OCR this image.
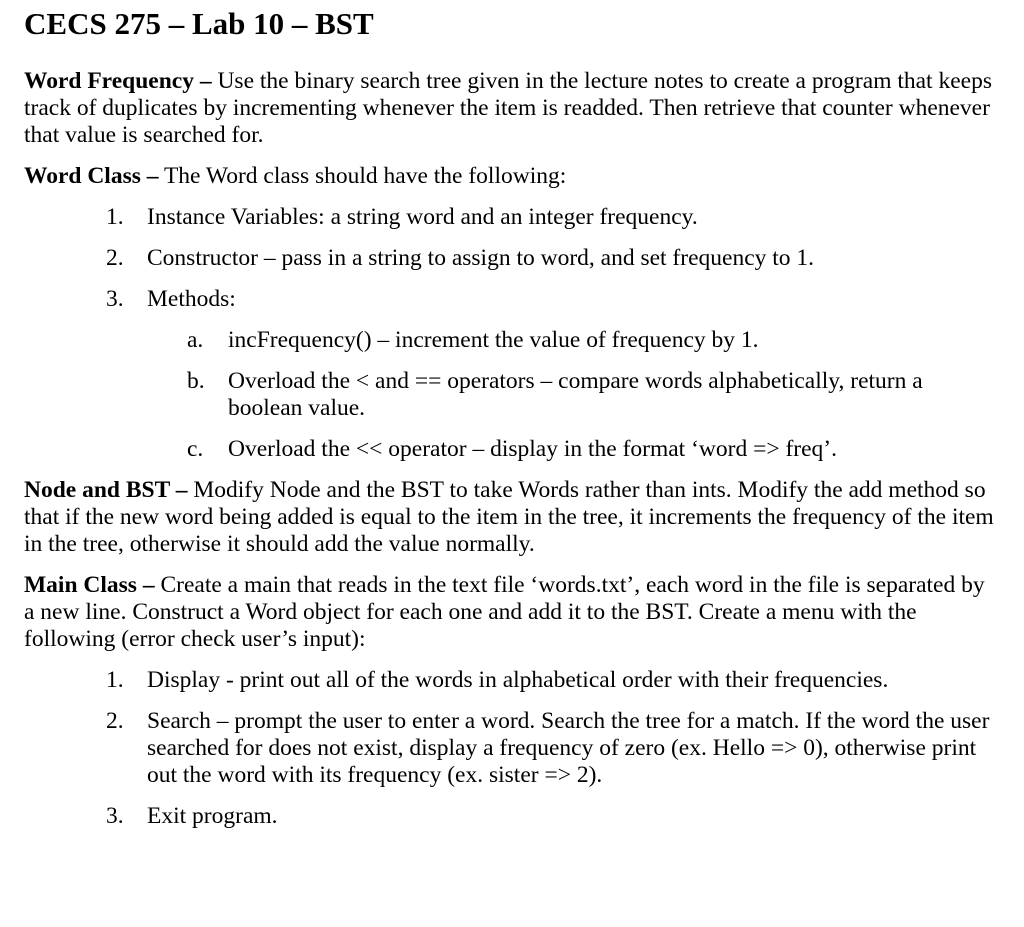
CECS 275 – Lab 10 – BST

Word Frequency – Use the binary search tree given in the lecture notes to create a program that keeps track of duplicates by incrementing whenever the item is readded. Then retrieve that counter whenever that value is searched for.

Word Class – The Word class should have the following:

1. Instance Variables: a string word and an integer frequency.
2. Constructor – pass in a string to assign to word, and set frequency to 1.
3. Methods:
a. incFrequency() – increment the value of frequency by 1.
b. Overload the < and == operators – compare words alphabetically, return a boolean value.
c. Overload the << operator – display in the format ‘word => freq’.

Node and BST – Modify Node and the BST to take Words rather than ints. Modify the add method so that if the new word being added is equal to the item in the tree, it increments the frequency of the item in the tree, otherwise it should add the value normally.

Main Class – Create a main that reads in the text file ‘words.txt’, each word in the file is separated by a new line. Construct a Word object for each one and add it to the BST. Create a menu with the following (error check user’s input):

1. Display - print out all of the words in alphabetical order with their frequencies.
2. Search – prompt the user to enter a word. Search the tree for a match. If the word the user searched for does not exist, display a frequency of zero (ex. Hello => 0), otherwise print out the word with its frequency (ex. sister => 2).
3. Exit program.
